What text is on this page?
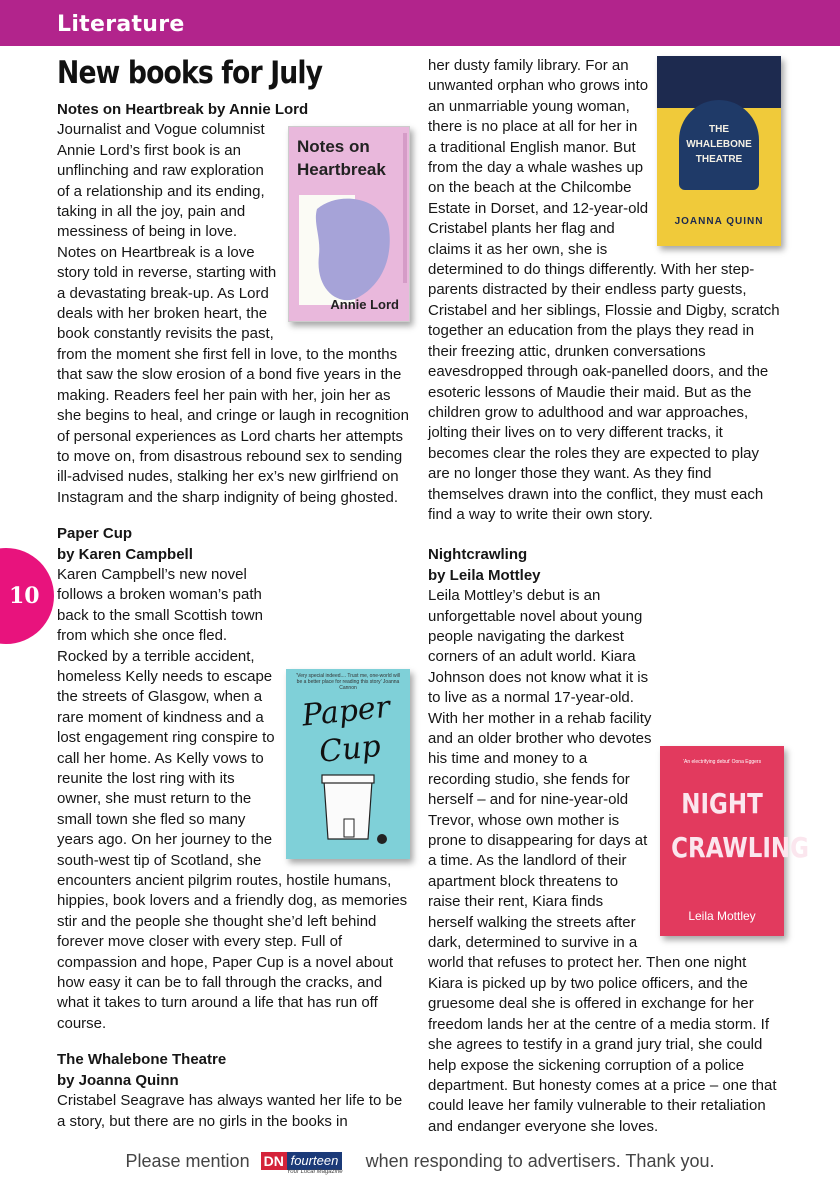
Literature
10
New books for July

Notes on Heartbreak by Annie Lord

Notes on Heartbreak
Annie Lord

Journalist and Vogue columnist Annie Lord’s first book is an unflinching and raw exploration of a relationship and its ending, taking in all the joy, pain and messiness of being in love. Notes on Heartbreak is a love story told in reverse, starting with a devastating break-up. As Lord deals with her broken heart, the book constantly revisits the past, from the moment she first fell in love, to the months that saw the slow erosion of a bond five years in the making. Readers feel her pain with her, join her as she begins to heal, and cringe or laugh in recognition of personal experiences as Lord charts her attempts to move on, from disastrous rebound sex to sending ill-advised nudes, stalking her ex’s new girlfriend on Instagram and the sharp indignity of being ghosted.

Paper Cup

by Karen Campbell

‘Very special indeed.... Trust me, one-world will be a better place for reading this story’ Joanna Cannon
Paper Cup

Karen Campbell’s new novel follows a broken woman’s path back to the small Scottish town from which she once fled. Rocked by a terrible accident, homeless Kelly needs to escape the streets of Glasgow, when a rare moment of kindness and a lost engagement ring conspire to call her home. As Kelly vows to reunite the lost ring with its owner, she must return to the small town she fled so many years ago. On her journey to the south-west tip of Scotland, she encounters ancient pilgrim routes, hostile humans, hippies, book lovers and a friendly dog, as memories stir and the people she thought she’d left behind forever move closer with every step. Full of compassion and hope, Paper Cup is a novel about how easy it can be to fall through the cracks, and what it takes to turn around a life that has run off course.

The Whalebone Theatre

by Joanna Quinn

Cristabel Seagrave has always wanted her life to be a story, but there are no girls in the books in

THE WHALEBONE THEATRE
JOANNA QUINN

her dusty family library. For an unwanted orphan who grows into an unmarriable young woman, there is no place at all for her in a traditional English manor. But from the day a whale washes up on the beach at the Chilcombe Estate in Dorset, and 12-year-old Cristabel plants her flag and claims it as her own, she is determined to do things differently. With her step-parents distracted by their endless party guests, Cristabel and her siblings, Flossie and Digby, scratch together an education from the plays they read in their freezing attic, drunken conversations eavesdropped through oak-panelled doors, and the esoteric lessons of Maudie their maid. But as the children grow to adulthood and war approaches, jolting their lives on to very different tracks, it becomes clear the roles they are expected to play are no longer those they want. As they find themselves drawn into the conflict, they must each find a way to write their own story.

Nightcrawling

by Leila Mottley

‘An electrifying debut’ Oona Eggers
NIGHT CRAWLING
Leila Mottley

Leila Mottley’s debut is an unforgettable novel about young people navigating the darkest corners of an adult world. Kiara Johnson does not know what it is to live as a normal 17-year-old. With her mother in a rehab facility and an older brother who devotes his time and money to a recording studio, she fends for herself – and for nine-year-old Trevor, whose own mother is prone to disappearing for days at a time. As the landlord of their apartment block threatens to raise their rent, Kiara finds herself walking the streets after dark, determined to survive in a world that refuses to protect her. Then one night Kiara is picked up by two police officers, and the gruesome deal she is offered in exchange for her freedom lands her at the centre of a media storm. If she agrees to testify in a grand jury trial, she could help expose the sickening corruption of a police department. But honesty comes at a price – one that could leave her family vulnerable to their retaliation and endanger everyone she loves.

Please mention DN fourteen
Your Local Magazine
when responding to advertisers. Thank you.
